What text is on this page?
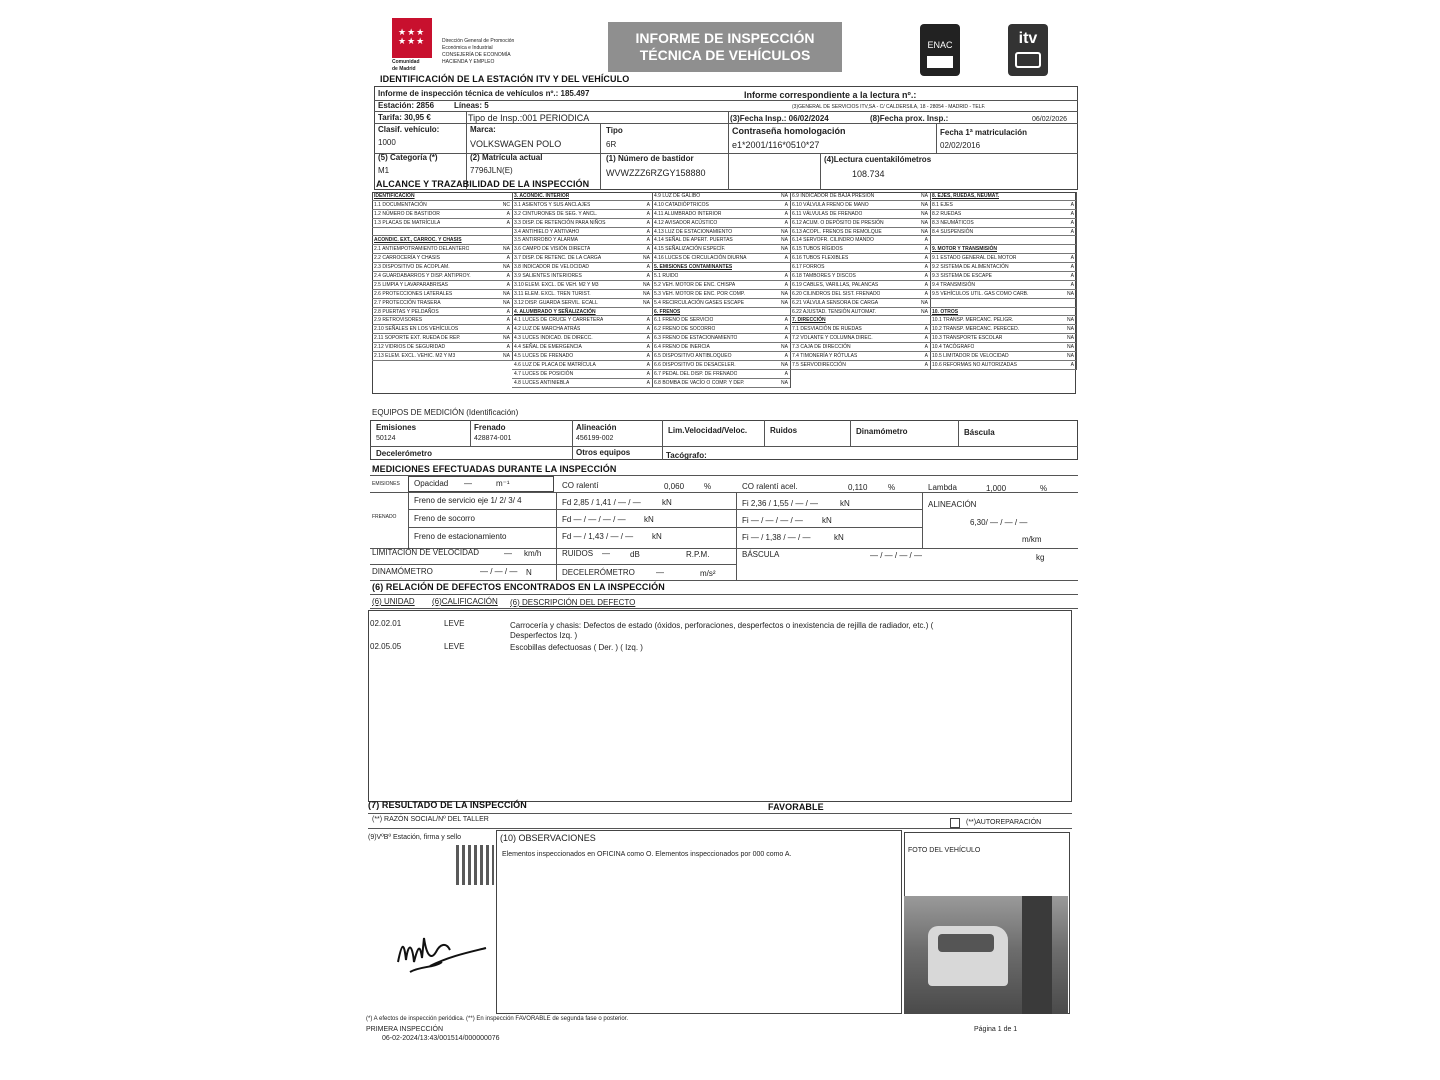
★★★
★★★
Comunidad
de Madrid
Dirección General de Promoción
Económica e Industrial
CONSEJERÍA DE ECONOMÍA
HACIENDA Y EMPLEO
INFORME DE INSPECCIÓN
TÉCNICA DE VEHÍCULOS
ENAC	itv
IDENTIFICACIÓN DE LA ESTACIÓN ITV Y DEL VEHÍCULO
Informe de inspección técnica de vehículos nº.: 185.497	Informe correspondiente a la lectura nº.:
Estación: 2856 Líneas: 5	(3)GENERAL DE SERVICIOS ITV,SA - C/ CALDERSILA, 18 - 28054 - MADRID - TELF.
Tarifa: 30,95 €	Tipo de Insp.:001 PERIODICA	(3)Fecha Insp.: 06/02/2024	(8)Fecha prox. Insp.:	06/02/2026
Clasif. vehículo:
1000
Marca:
VOLKSWAGEN POLO
Tipo
6R
Contraseña homologación
e1*2001/116*0510*27
Fecha 1ª matriculación
02/02/2016
(5) Categoría (*)
M1
(2) Matrícula actual
7796JLN(E)
(1) Número de bastidor
WVWZZZ6RZGY158880
(4)Lectura cuentakilómetros
108.734
ALCANCE Y TRAZABILIDAD DE LA INSPECCIÓN
EQUIPOS DE MEDICIÓN (Identificación)
Emisiones
50124
Frenado
428874-001
Alineación
456199-002
Lim.Velocidad/Veloc.	Ruidos	Dinamómetro	Báscula
Decelerómetro	Otros equipos	Tacógrafo:
MEDICIONES EFECTUADAS DURANTE LA INSPECCIÓN
EMISIONES Opacidad —	m⁻¹	CO ralentí	0,060 %	CO ralentí acel.	0,110	%	Lambda	1,000	%
FRENADO
Freno de servicio eje 1/ 2/ 3/ 4	Fd 2,85 / 1,41 / — / —	kN	Fi 2,36 / 1,55 / — / —	kN	ALINEACIÓN
Freno de socorro	Fd — / — / — / — kN	Fi — / — / — / — kN	6,30/ — / — / —
Freno de estacionamiento	Fd — / 1,43 / — / — kN	Fi — / 1,38 / — / —	kN	m/km
LIMITACIÓN DE VELOCIDAD	— km/h	RUIDOS —	dB	R.P.M.	BÁSCULA	— / — / — / —	kg
DINAMÓMETRO	— / — / — N	DECELERÓMETRO	—	m/s²
(6) RELACIÓN DE DEFECTOS ENCONTRADOS EN LA INSPECCIÓN
(6) UNIDAD (6)CALIFICACIÓN (6) DESCRIPCIÓN DEL DEFECTO
02.02.01	LEVE	Carrocería y chasis: Defectos de estado (óxidos, perforaciones, desperfectos o inexistencia de rejilla de radiador, etc.) (
Desperfectos Izq. )
02.05.05	LEVE	Escobillas defectuosas ( Der. ) ( Izq. )
(7) RESULTADO DE LA INSPECCIÓN	FAVORABLE
(**) RAZÓN SOCIAL/Nº DEL TALLER	(**)AUTOREPARACIÓN
(9)VºBº Estación, firma y sello	(10) OBSERVACIONES
Elementos inspeccionados en OFICINA como O. Elementos inspeccionados por 000 como A.
FOTO DEL VEHÍCULO
(*) A efectos de inspección periódica. (**) En inspección FAVORABLE de segunda fase o posterior.
PRIMERA INSPECCIÓN
06-02-2024/13:43/001514/000000076
Página 1 de 1
IDENTIFICACIÓN
1.1 DOCUMENTACIÓN	NC
1.2 NÚMERO DE BASTIDOR	A
1.3 PLACAS DE MATRÍCULA	A
ACONDIC. EXT., CARROC. Y CHASIS
2.1 ANTIEMPOTRAMIENTO DELANTERO	NA
2.2 CARROCERÍA Y CHASIS	A
2.3 DISPOSITIVO DE ACOPLAM.	NA
2.4 GUARDABARROS Y DISP. ANTIPROY.	A
2.5 LIMPIA Y LAVAPARABRISAS	A
2.6 PROTECCIONES LATERALES	NA
2.7 PROTECCIÓN TRASERA	NA
2.8 PUERTAS Y PELDAÑOS	A
2.9 RETROVISORES	A
2.10 SEÑALES EN LOS VEHÍCULOS	A
2.11 SOPORTE EXT. RUEDA DE REP.	NA
2.12 VIDRIOS DE SEGURIDAD	A
2.13 ELEM. EXCL. VEHIC. M2 Y M3	NA
3. ACONDIC. INTERIOR
3.1 ASIENTOS Y SUS ANCLAJES	A
3.2 CINTURONES DE SEG. Y ANCL.	A
3.3 DISP. DE RETENCIÓN PARA NIÑOS	A
3.4 ANTIHIELO Y ANTIVAHO	A
3.5 ANTIRROBO Y ALARMA	A
3.6 CAMPO DE VISIÓN DIRECTA	A
3.7 DISP. DE RETENC. DE LA CARGA	NA
3.8 INDICADOR DE VELOCIDAD	A
3.9 SALIENTES INTERIORES	A
3.10 ELEM. EXCL. DE VEH. M2 Y M3	NA
3.11 ELEM. EXCL. TREN TURIST.	NA
3.12 DISP. GUARDA SERVIL. ECALL	NA
4. ALUMBRADO Y SEÑALIZACIÓN
4.1 LUCES DE CRUCE Y CARRETERA	A
4.2 LUZ DE MARCHA ATRÁS	A
4.3 LUCES INDICAD. DE DIRECC.	A
4.4 SEÑAL DE EMERGENCIA	A
4.5 LUCES DE FRENADO	A
4.6 LUZ DE PLACA DE MATRÍCULA	A
4.7 LUCES DE POSICIÓN	A
4.8 LUCES ANTINIEBLA	A
4.9 LUZ DE GÁLIBO	NA
4.10 CATADIÓPTRICOS	A
4.11 ALUMBRADO INTERIOR	A
4.12 AVISADOR ACÚSTICO	A
4.13 LUZ DE ESTACIONAMIENTO	NA
4.14 SEÑAL DE APERT. PUERTAS	NA
4.15 SEÑALIZACIÓN ESPECÍF.	NA
4.16 LUCES DE CIRCULACIÓN DIURNA	A
5. EMISIONES CONTAMINANTES
5.1 RUIDO	A
5.2 VEH. MOTOR DE ENC. CHISPA	A
5.3 VEH. MOTOR DE ENC. POR COMP.	NA
5.4 RECIRCULACIÓN GASES ESCAPE	NA
6. FRENOS
6.1 FRENO DE SERVICIO	A
6.2 FRENO DE SOCORRO	A
6.3 FRENO DE ESTACIONAMIENTO	A
6.4 FRENO DE INERCIA	NA
6.5 DISPOSITIVO ANTIBLOQUEO	A
6.6 DISPOSITIVO DE DESACELER.	NA
6.7 PEDAL DEL DISP. DE FRENADO	A
6.8 BOMBA DE VACÍO O COMP. Y DEP.	NA
6.9 INDICADOR DE BAJA PRESIÓN	NA
6.10 VÁLVULA FRENO DE MANO	NA
6.11 VÁLVULAS DE FRENADO	NA
6.12 ACUM. O DEPÓSITO DE PRESIÓN	NA
6.13 ACOPL. FRENOS DE REMOLQUE	NA
6.14 SERVOFR. CILINDRO MANDO	A
6.15 TUBOS RÍGIDOS	A
6.16 TUBOS FLEXIBLES	A
6.17 FORROS	A
6.18 TAMBORES Y DISCOS	A
6.19 CABLES, VARILLAS, PALANCAS	A
6.20 CILINDROS DEL SIST. FRENADO	A
6.21 VÁLVULA SENSORA DE CARGA	NA
6.22 AJUSTAD. TENSIÓN AUTOMAT.	NA
7. DIRECCIÓN
7.1 DESVIACIÓN DE RUEDAS	A
7.2 VOLANTE Y COLUMNA DIREC.	A
7.3 CAJA DE DIRECCIÓN	A
7.4 TIMONERÍA Y RÓTULAS	A
7.5 SERVODIRECCIÓN	A
8. EJES, RUEDAS, NEUMÁT.
8.1 EJES	A
8.2 RUEDAS	A
8.3 NEUMÁTICOS	A
8.4 SUSPENSIÓN	A
9. MOTOR Y TRANSMISIÓN
9.1 ESTADO GENERAL DEL MOTOR	A
9.2 SISTEMA DE ALIMENTACIÓN	A
9.3 SISTEMA DE ESCAPE	A
9.4 TRANSMISIÓN	A
9.5 VEHÍCULOS UTIL. GAS COMO CARB.	NA
10. OTROS
10.1 TRANSP. MERCANC. PELIGR.	NA
10.2 TRANSP. MERCANC. PERECED.	NA
10.3 TRANSPORTE ESCOLAR	NA
10.4 TACÓGRAFO	NA
10.5 LIMITADOR DE VELOCIDAD	NA
10.6 REFORMAS NO AUTORIZADAS	A
